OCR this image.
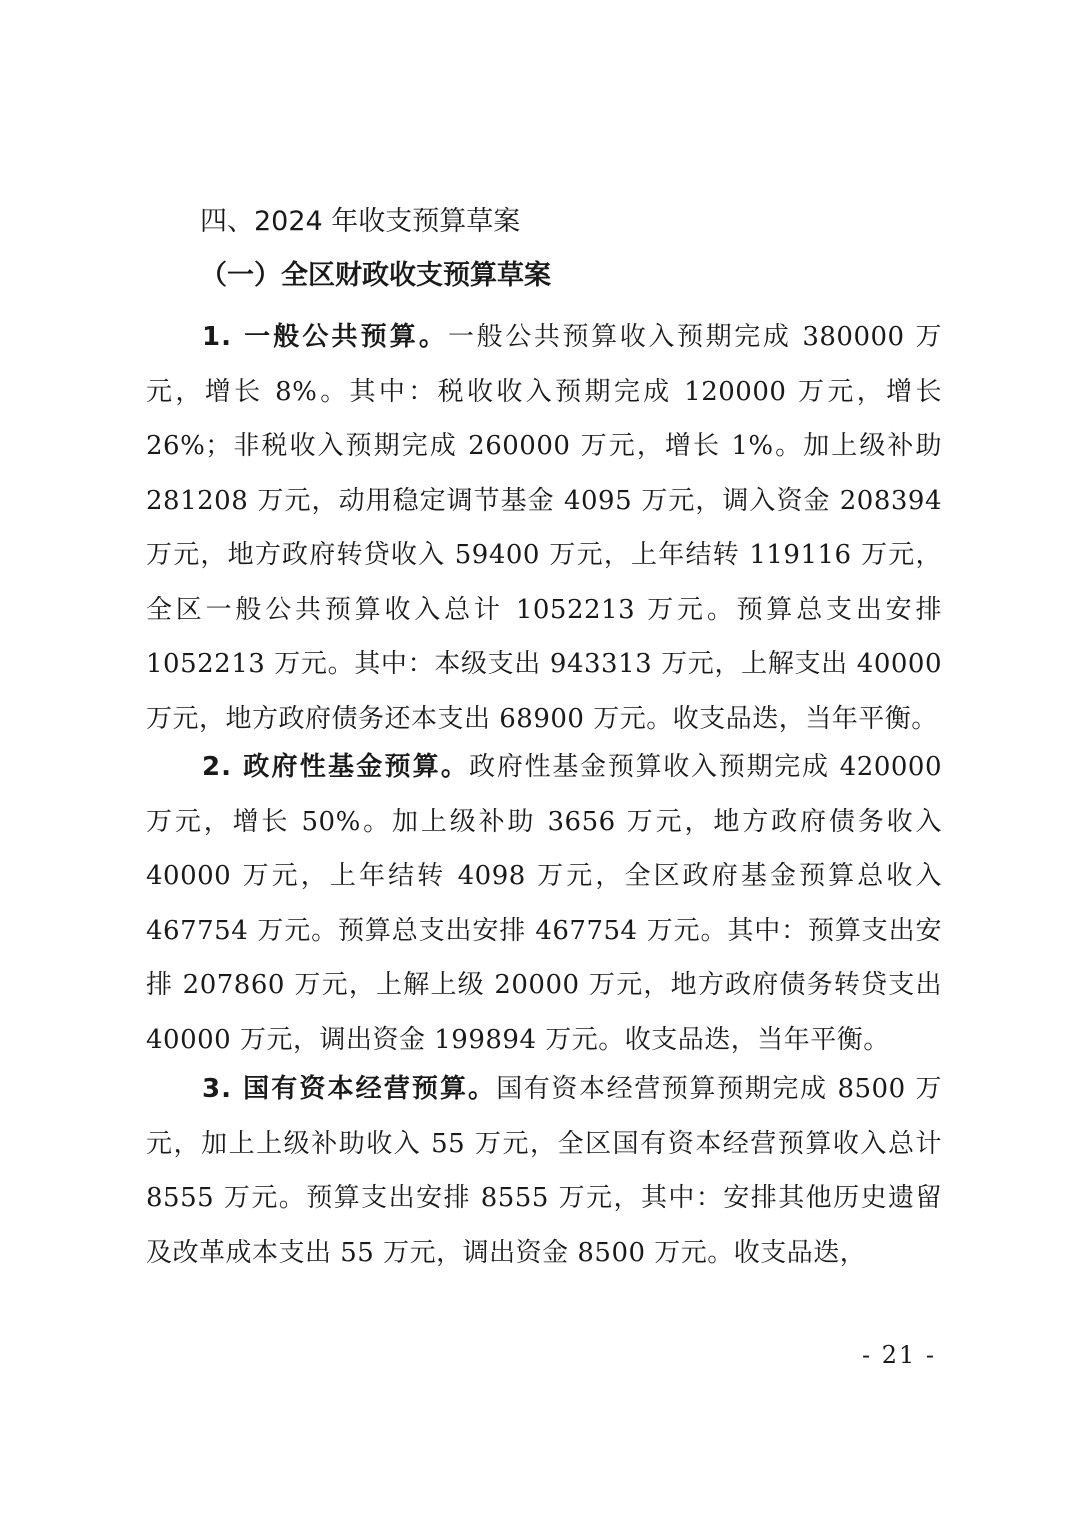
四、2024 年收支预算草案
（一）全区财政收支预算草案

1. 一般公共预算。一般公共预算收入预期完成 380000 万元，增长 8%。其中：税收收入预期完成 120000 万元，增长 26%；非税收入预期完成 260000 万元，增长 1%。加上级补助 281208 万元，动用稳定调节基金 4095 万元，调入资金 208394 万元，地方政府转贷收入 59400 万元，上年结转 119116 万元，全区一般公共预算收入总计 1052213 万元。预算总支出安排 1052213 万元。其中：本级支出 943313 万元，上解支出 40000 万元，地方政府债务还本支出 68900 万元。收支品迭，当年平衡。

2. 政府性基金预算。政府性基金预算收入预期完成 420000 万元，增长 50%。加上级补助 3656 万元，地方政府债务收入 40000 万元，上年结转 4098 万元，全区政府基金预算总收入 467754 万元。预算总支出安排 467754 万元。其中：预算支出安排 207860 万元，上解上级 20000 万元，地方政府债务转贷支出 40000 万元，调出资金 199894 万元。收支品迭，当年平衡。

3. 国有资本经营预算。国有资本经营预算预期完成 8500 万元，加上上级补助收入 55 万元，全区国有资本经营预算收入总计 8555 万元。预算支出安排 8555 万元，其中：安排其他历史遗留及改革成本支出 55 万元，调出资金 8500 万元。收支品迭，

- 21 -
